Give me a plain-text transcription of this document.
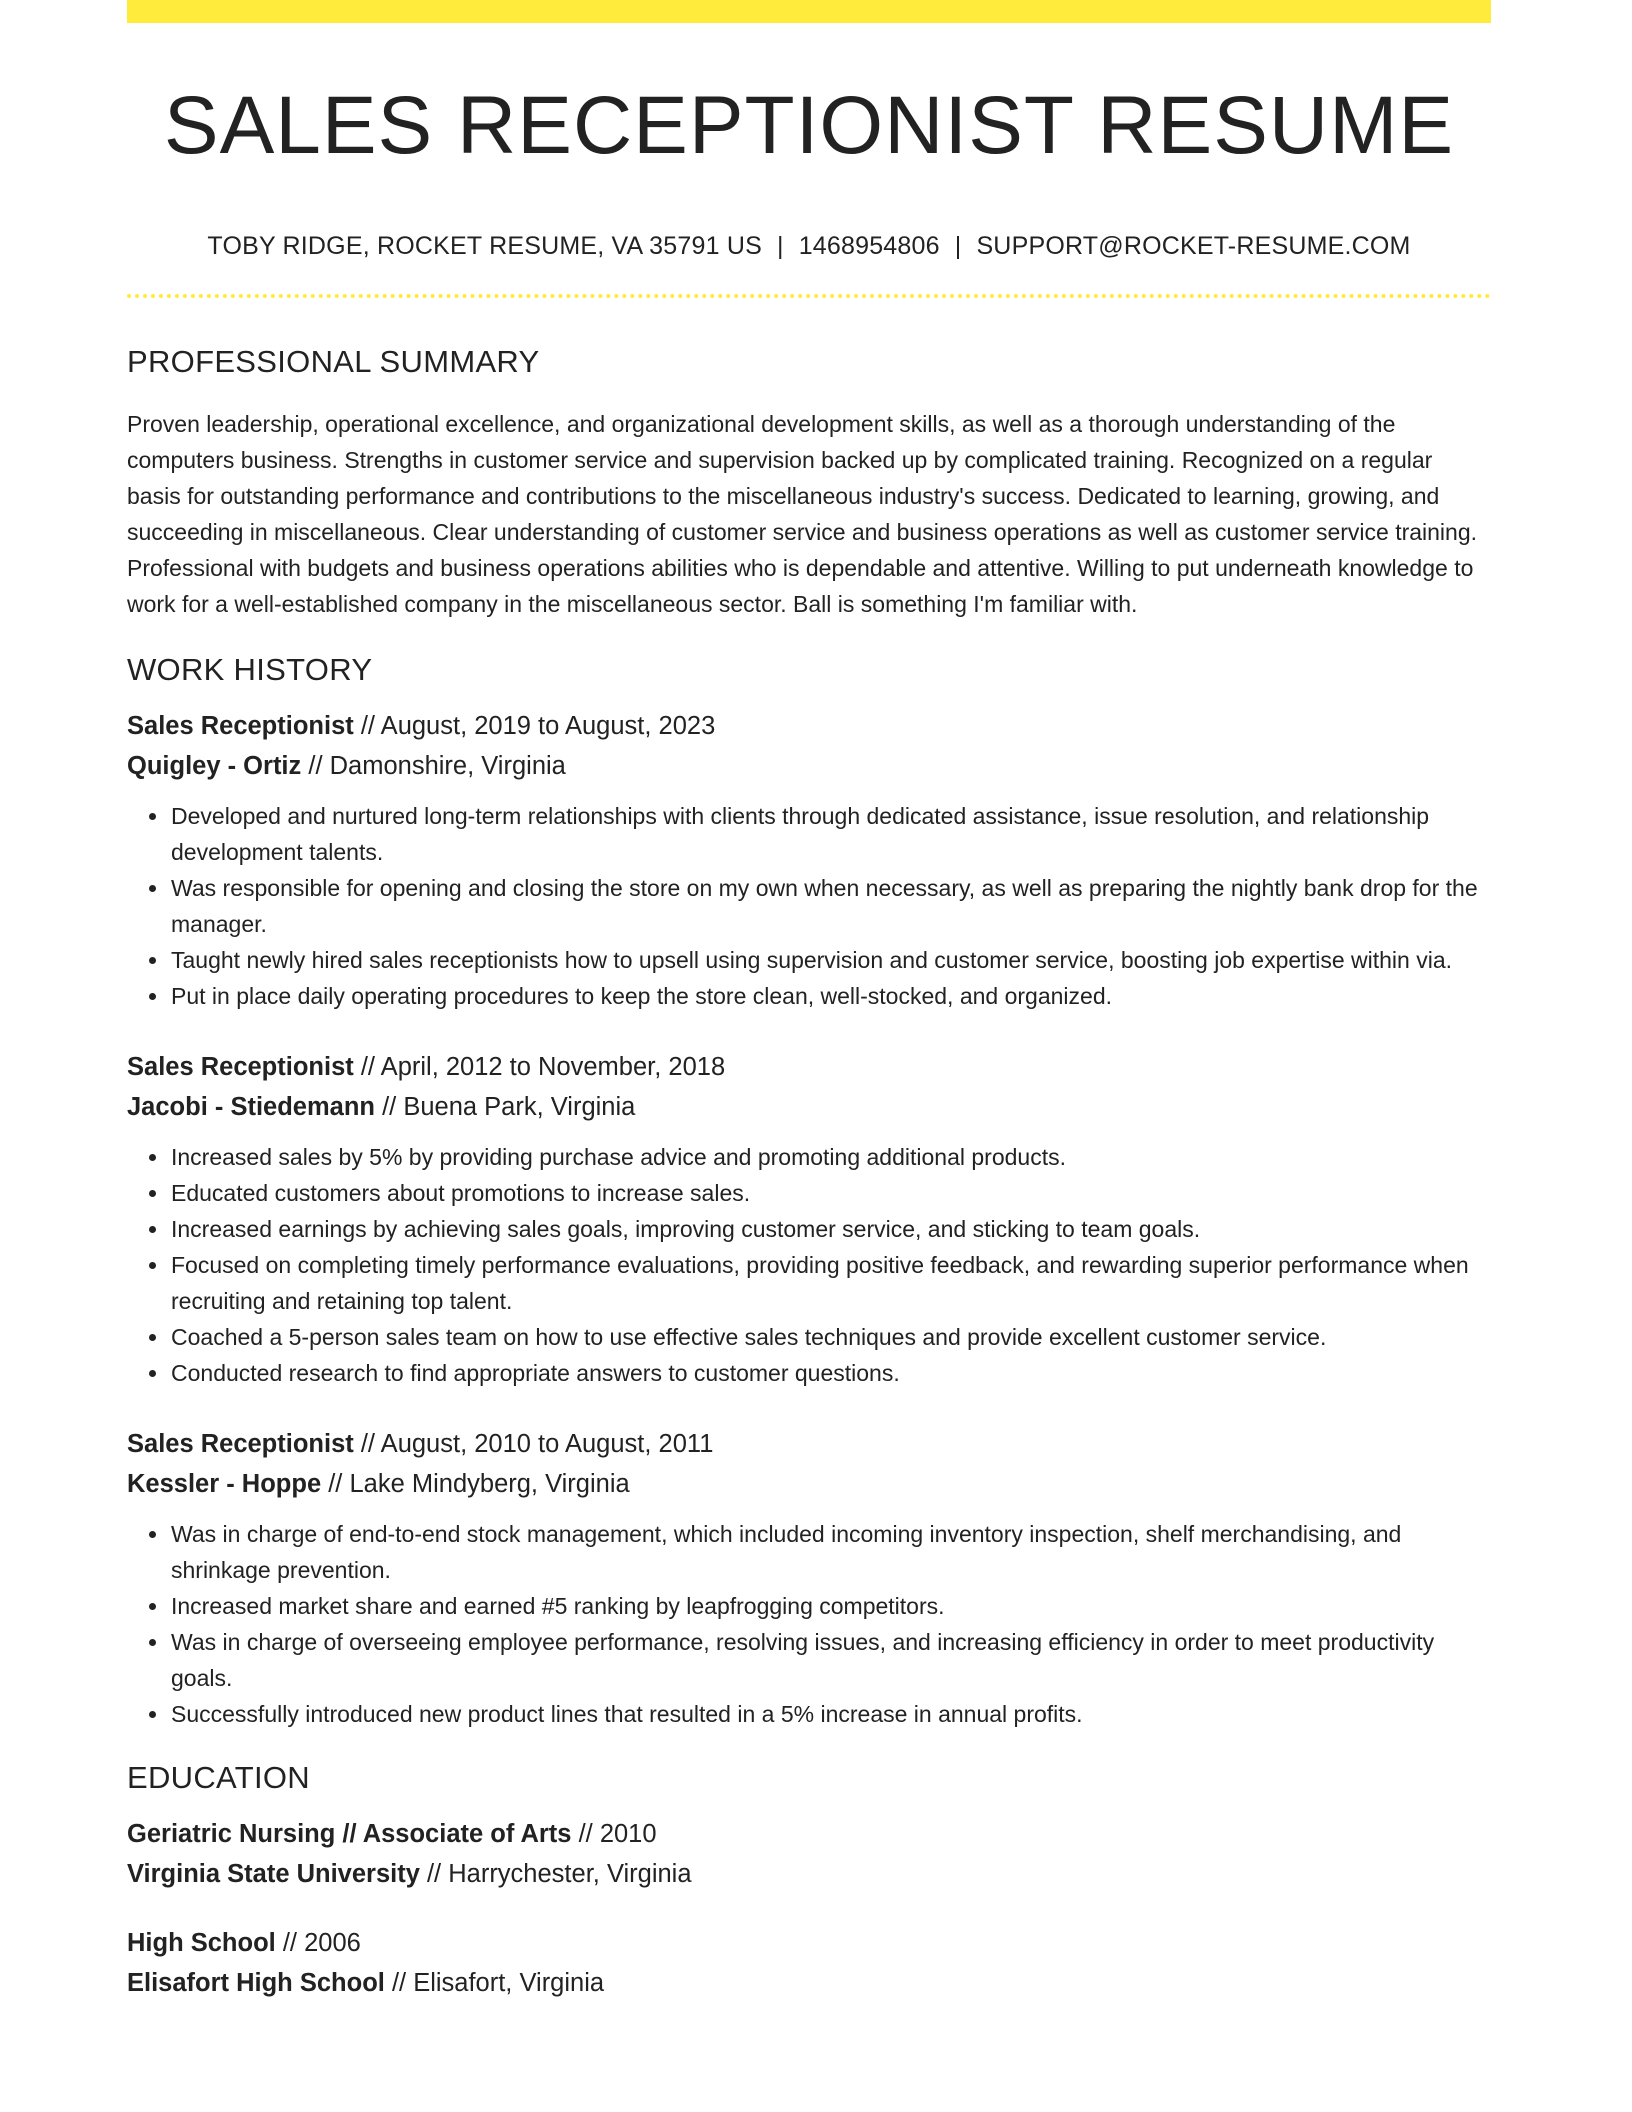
SALES RECEPTIONIST RESUME
TOBY RIDGE, ROCKET RESUME, VA 35791 US | 1468954806 | SUPPORT@ROCKET-RESUME.COM
PROFESSIONAL SUMMARY

Proven leadership, operational excellence, and organizational development skills, as well as a thorough understanding of the computers business. Strengths in customer service and supervision backed up by complicated training. Recognized on a regular basis for outstanding performance and contributions to the miscellaneous industry's success. Dedicated to learning, growing, and succeeding in miscellaneous. Clear understanding of customer service and business operations as well as customer service training. Professional with budgets and business operations abilities who is dependable and attentive. Willing to put underneath knowledge to work for a well-established company in the miscellaneous sector. Ball is something I'm familiar with.

WORK HISTORY
Sales Receptionist // August, 2019 to August, 2023
Quigley - Ortiz // Damonshire, Virginia
• Developed and nurtured long-term relationships with clients through dedicated assistance, issue resolution, and relationship development talents.
• Was responsible for opening and closing the store on my own when necessary, as well as preparing the nightly bank drop for the manager.
• Taught newly hired sales receptionists how to upsell using supervision and customer service, boosting job expertise within via.
• Put in place daily operating procedures to keep the store clean, well-stocked, and organized.
Sales Receptionist // April, 2012 to November, 2018
Jacobi - Stiedemann // Buena Park, Virginia
• Increased sales by 5% by providing purchase advice and promoting additional products.
• Educated customers about promotions to increase sales.
• Increased earnings by achieving sales goals, improving customer service, and sticking to team goals.
• Focused on completing timely performance evaluations, providing positive feedback, and rewarding superior performance when recruiting and retaining top talent.
• Coached a 5-person sales team on how to use effective sales techniques and provide excellent customer service.
• Conducted research to find appropriate answers to customer questions.
Sales Receptionist // August, 2010 to August, 2011
Kessler - Hoppe // Lake Mindyberg, Virginia
• Was in charge of end-to-end stock management, which included incoming inventory inspection, shelf merchandising, and shrinkage prevention.
• Increased market share and earned #5 ranking by leapfrogging competitors.
• Was in charge of overseeing employee performance, resolving issues, and increasing efficiency in order to meet productivity goals.
• Successfully introduced new product lines that resulted in a 5% increase in annual profits.
EDUCATION
Geriatric Nursing // Associate of Arts // 2010
Virginia State University // Harrychester, Virginia
High School // 2006
Elisafort High School // Elisafort, Virginia
